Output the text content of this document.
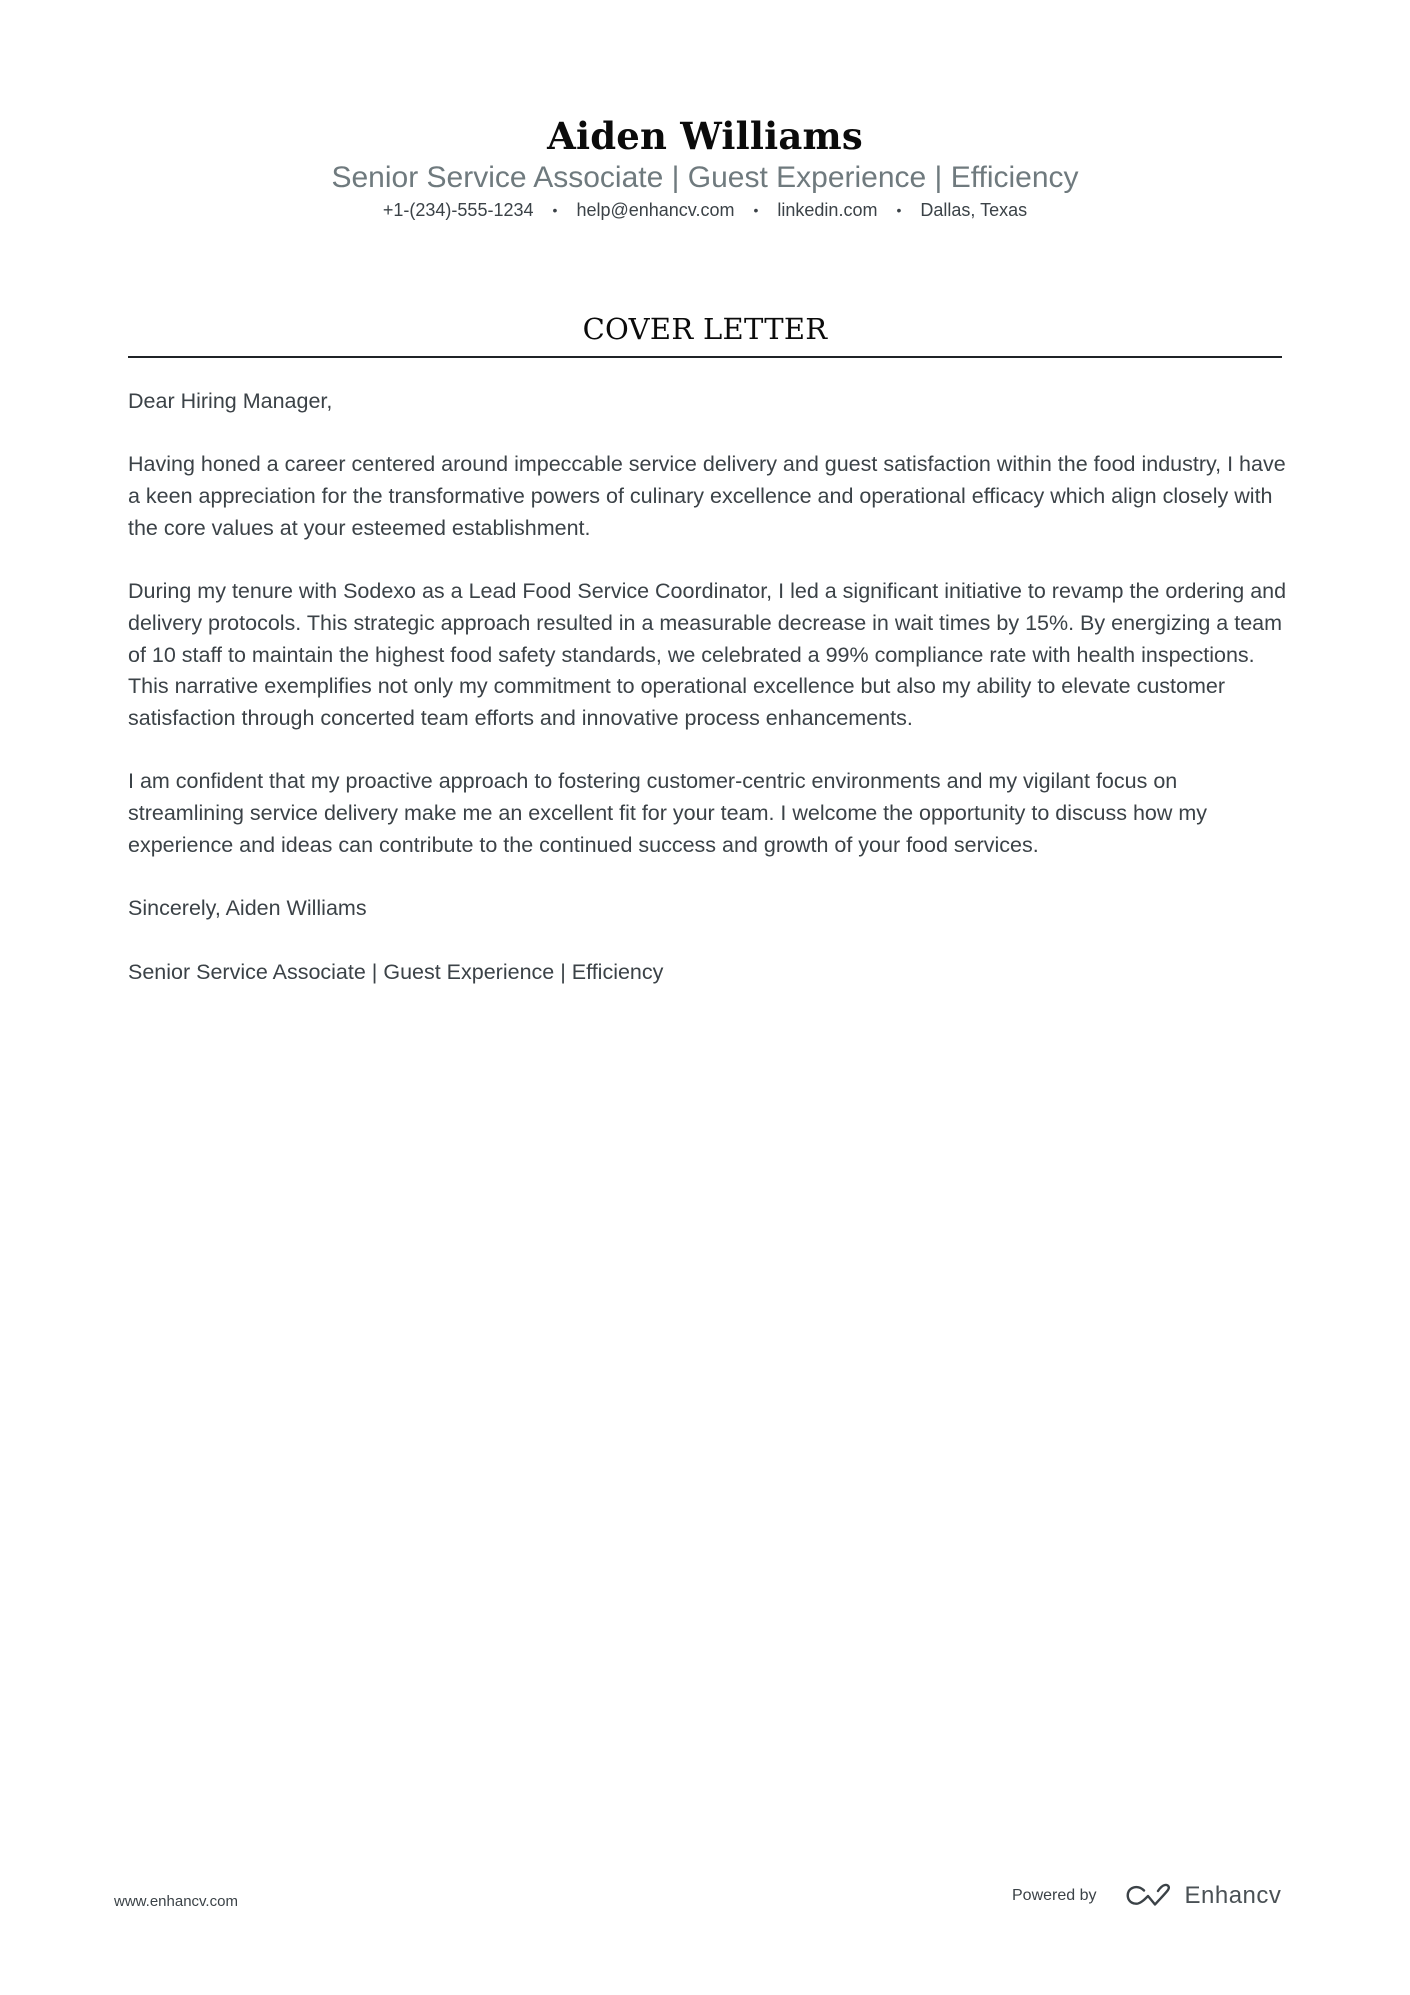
Aiden Williams
Senior Service Associate | Guest Experience | Efficiency
+1-(234)-555-1234 • help@enhancv.com • linkedin.com • Dallas, Texas
COVER LETTER

Dear Hiring Manager,

Having honed a career centered around impeccable service delivery and guest satisfaction within the food industry, I have a keen appreciation for the transformative powers of culinary excellence and operational efficacy which align closely with the core values at your esteemed establishment.

During my tenure with Sodexo as a Lead Food Service Coordinator, I led a significant initiative to revamp the ordering and delivery protocols. This strategic approach resulted in a measurable decrease in wait times by 15%. By energizing a team of 10 staff to maintain the highest food safety standards, we celebrated a 99% compliance rate with health inspections. This narrative exemplifies not only my commitment to operational excellence but also my ability to elevate customer satisfaction through concerted team efforts and innovative process enhancements.

I am confident that my proactive approach to fostering customer-centric environments and my vigilant focus on streamlining service delivery make me an excellent fit for your team. I welcome the opportunity to discuss how my experience and ideas can contribute to the continued success and growth of your food services.

Sincerely, Aiden Williams

Senior Service Associate | Guest Experience | Efficiency

www.enhancv.com	Powered by	Enhancv
